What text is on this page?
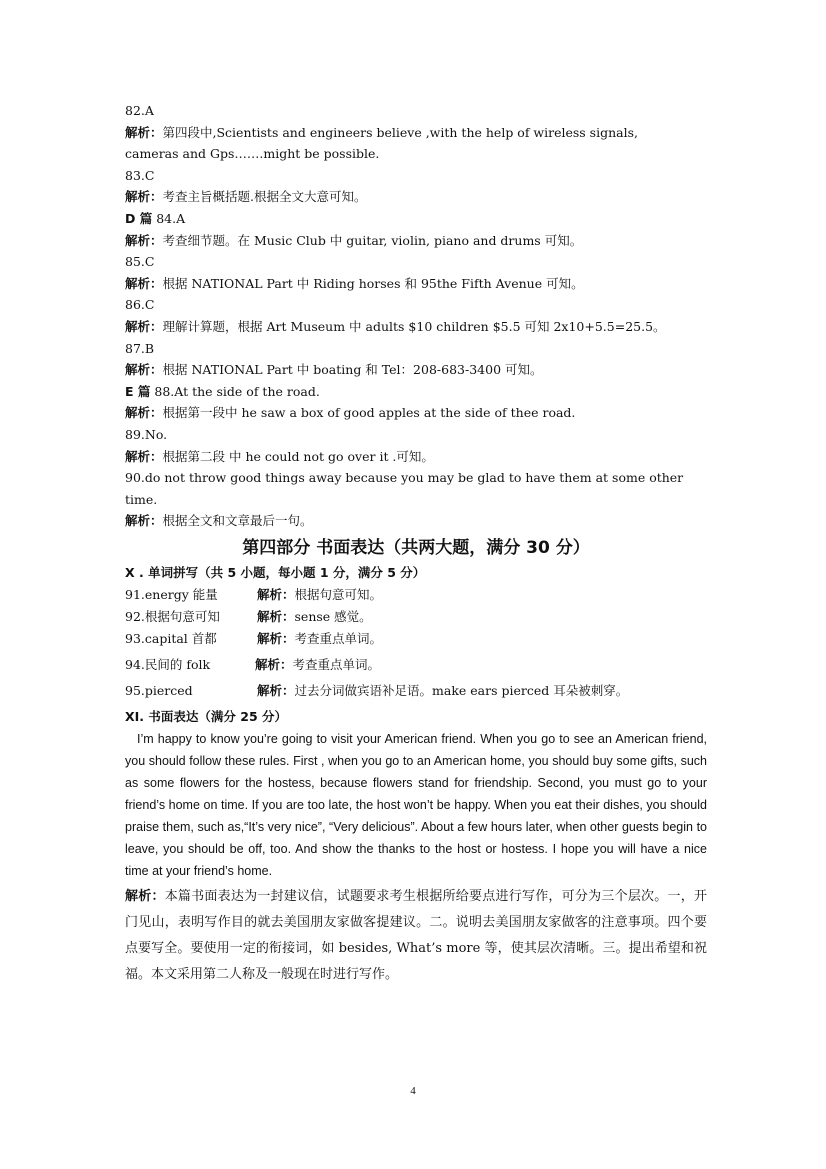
82.A
解析：第四段中,Scientists and engineers believe ,with the help of wireless signals,
cameras and Gps…….might be possible.
83.C
解析：考查主旨概括题.根据全文大意可知。
D 篇 84.A
解析：考查细节题。在 Music Club 中 guitar, violin, piano and drums 可知。
85.C
解析：根据 NATIONAL Part 中 Riding horses 和 95the Fifth Avenue 可知。
86.C
解析：理解计算题，根据 Art Museum 中 adults $10 children $5.5 可知 2x10+5.5=25.5。
87.B
解析：根据 NATIONAL Part 中 boating 和 Tel：208-683-3400 可知。
E 篇 88.At the side of the road.
解析：根据第一段中 he saw a box of good apples at the side of thee road.
89.No.
解析：根据第二段 中 he could not go over it .可知。
90.do not throw good things away because you may be glad to have them at some other
time.
解析：根据全文和文章最后一句。
第四部分 书面表达（共两大题，满分 30 分）
X . 单词拼写（共 5 小题，每小题 1 分，满分 5 分）
91.energy 能量	解析： 根据句意可知。
92.根据句意可知	解析： sense 感觉。
93.capital 首都	解析： 考查重点单词。
94.民间的 folk	解析： 考查重点单词。
95.pierced	解析： 过去分词做宾语补足语。make ears pierced 耳朵被刺穿。
XI. 书面表达（满分 25 分）
I’m happy to know you’re going to visit your American friend. When you go to see an American friend, you should follow these rules. First , when you go to an American home, you should buy some gifts, such as some flowers for the hostess, because flowers stand for friendship. Second, you must go to your friend’s home on time. If you are too late, the host won’t be happy. When you eat their dishes, you should praise them, such as,“It’s very nice”, “Very delicious”. About a few hours later, when other guests begin to leave, you should be off, too. And show the thanks to the host or hostess. I hope you will have a nice time at your friend’s home.
解析：本篇书面表达为一封建议信，试题要求考生根据所给要点进行写作，可分为三个层次。一，开门见山，表明写作目的就去美国朋友家做客提建议。二。说明去美国朋友家做客的注意事项。四个要点要写全。要使用一定的衔接词，如 besides, What’s more 等，使其层次清晰。三。提出希望和祝福。本文采用第二人称及一般现在时进行写作。
4
